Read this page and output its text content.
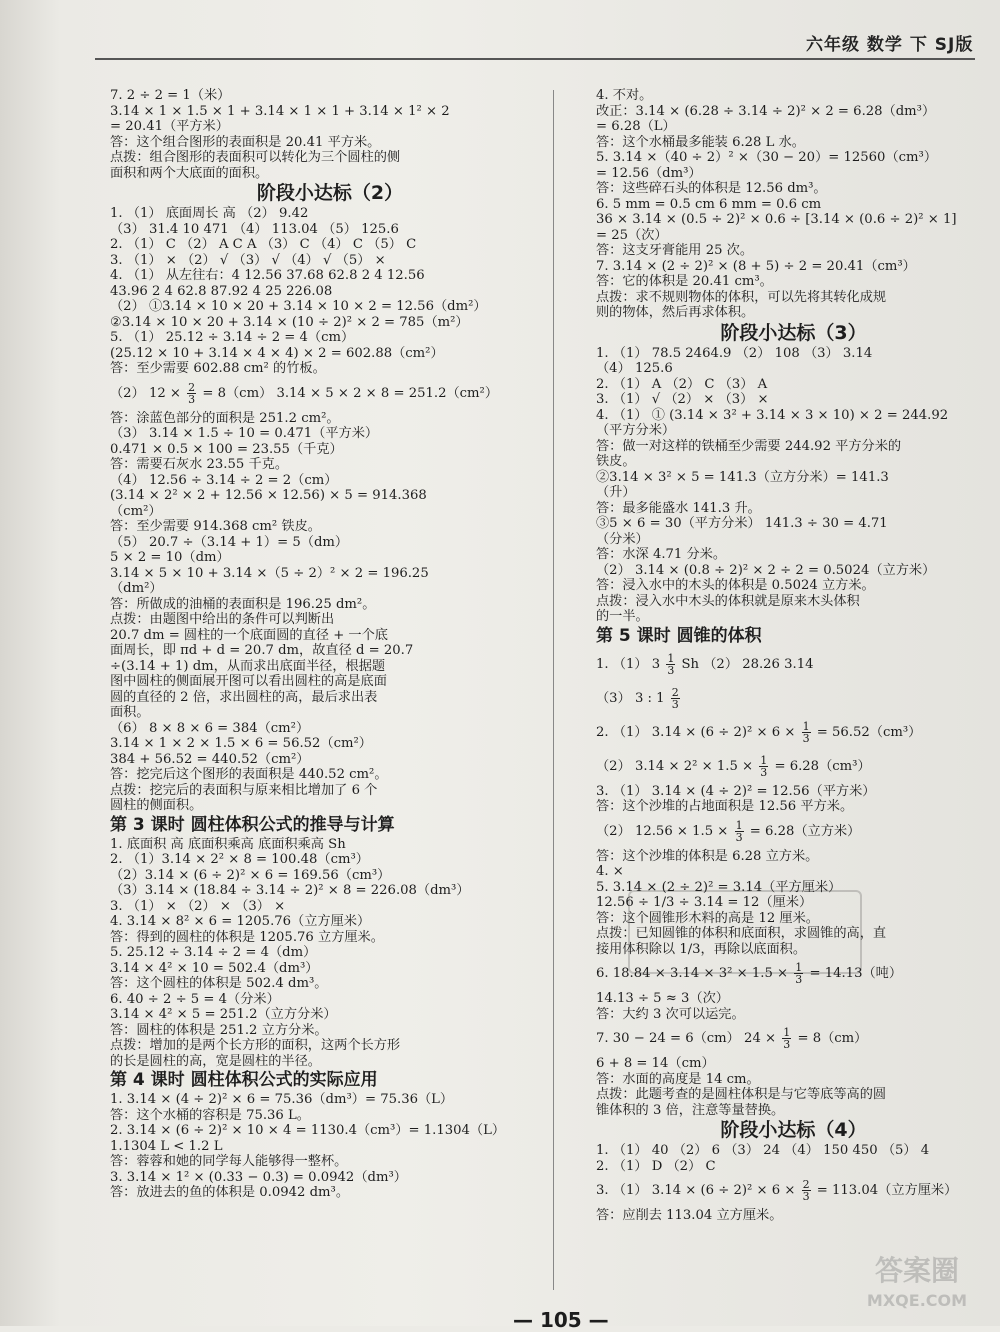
六年级 数学 下 SJ版
7. 2 ÷ 2 = 1（米）
3.14 × 1 × 1.5 × 1 + 3.14 × 1 × 1 + 3.14 × 1² × 2
= 20.41（平方米）
答：这个组合图形的表面积是 20.41 平方米。
点拨：组合图形的表面积可以转化为三个圆柱的侧
面积和两个大底面的面积。
阶段小达标（2）
1. （1） 底面周长 高 （2） 9.42
（3） 31.4 10 471 （4） 113.04 （5） 125.6
2. （1） C （2） A C A （3） C （4） C （5） C
3. （1） × （2） √ （3） √ （4） √ （5） ×
4. （1） 从左往右：4 12.56 37.68 62.8 2 4 12.56
43.96 2 4 62.8 87.92 4 25 226.08
（2） ①3.14 × 10 × 20 + 3.14 × 10 × 2 = 12.56（dm²）
②3.14 × 10 × 20 + 3.14 × (10 ÷ 2)² × 2 = 785（m²）
5. （1） 25.12 ÷ 3.14 ÷ 2 = 4（cm）
(25.12 × 10 + 3.14 × 4 × 4) × 2 = 602.88（cm²）
答：至少需要 602.88 cm² 的竹板。
（2） $12 \times \frac{2}{3} = 8(cm) 3.14 \times 5 \times 2 \times 8 = 251.2(cm^2)$
答：涂蓝色部分的面积是 251.2 cm²。
（3） 3.14 × 1.5 ÷ 10 = 0.471（平方米）
0.471 × 0.5 × 100 = 23.55（千克）
答：需要石灰水 23.55 千克。
（4） 12.56 ÷ 3.14 ÷ 2 = 2（cm）
(3.14 × 2² × 2 + 12.56 × 12.56) × 5 = 914.368
（cm²）
答：至少需要 914.368 cm² 铁皮。
（5） 20.7 ÷（3.14 + 1）= 5（dm）
5 × 2 = 10（dm）
3.14 × 5 × 10 + 3.14 ×（5 ÷ 2）² × 2 = 196.25
（dm²）
答：所做成的油桶的表面积是 196.25 dm²。
点拨：由题图中给出的条件可以判断出
20.7 dm = 圆柱的一个底面圆的直径 + 一个底
面周长，即 πd + d = 20.7 dm，故直径 d = 20.7
÷(3.14 + 1) dm，从而求出底面半径，根据题
图中圆柱的侧面展开图可以看出圆柱的高是底面
圆的直径的 2 倍，求出圆柱的高，最后求出表
面积。
（6） 8 × 8 × 6 = 384（cm²）
3.14 × 1 × 2 × 1.5 × 6 = 56.52（cm²）
384 + 56.52 = 440.52（cm²）
答：挖完后这个图形的表面积是 440.52 cm²。
点拨：挖完后的表面积与原来相比增加了 6 个
圆柱的侧面积。
第 3 课时 圆柱体积公式的推导与计算
1. 底面积 高 底面积乘高 底面积乘高 Sh
2. （1）3.14 × 2² × 8 = 100.48（cm³）
（2）3.14 × (6 ÷ 2)² × 6 = 169.56（cm³）
（3）3.14 × (18.84 ÷ 3.14 ÷ 2)² × 8 = 226.08（dm³）
3. （1） × （2） × （3） ×
4. 3.14 × 8² × 6 = 1205.76（立方厘米）
答：得到的圆柱的体积是 1205.76 立方厘米。
5. 25.12 ÷ 3.14 ÷ 2 = 4（dm）
3.14 × 4² × 10 = 502.4（dm³）
答：这个圆柱的体积是 502.4 dm³。
6. 40 ÷ 2 ÷ 5 = 4（分米）
3.14 × 4² × 5 = 251.2（立方分米）
答：圆柱的体积是 251.2 立方分米。
点拨：增加的是两个长方形的面积，这两个长方形
的长是圆柱的高，宽是圆柱的半径。
第 4 课时 圆柱体积公式的实际应用
1. 3.14 × (4 ÷ 2)² × 6 = 75.36（dm³）= 75.36（L）
答：这个水桶的容积是 75.36 L。
2. 3.14 × (6 ÷ 2)² × 10 × 4 = 1130.4（cm³）= 1.1304（L）
1.1304 L < 1.2 L
答：蓉蓉和她的同学每人能够得一整杯。
3. 3.14 × 1² × (0.33 − 0.3) = 0.0942（dm³）
答：放进去的鱼的体积是 0.0942 dm³。
4. 不对。
改正：3.14 × (6.28 ÷ 3.14 ÷ 2)² × 2 = 6.28（dm³）
= 6.28（L）
答：这个水桶最多能装 6.28 L 水。
5. 3.14 ×（40 ÷ 2）² ×（30 − 20）= 12560（cm³）
= 12.56（dm³）
答：这些碎石头的体积是 12.56 dm³。
6. 5 mm = 0.5 cm 6 mm = 0.6 cm
36 × 3.14 × (0.5 ÷ 2)² × 0.6 ÷ [3.14 × (0.6 ÷ 2)² × 1]
= 25（次）
答：这支牙膏能用 25 次。
7. 3.14 × (2 ÷ 2)² × (8 + 5) ÷ 2 = 20.41（cm³）
答：它的体积是 20.41 cm³。
点拨：求不规则物体的体积，可以先将其转化成规
则的物体，然后再求体积。
阶段小达标（3）
1. （1） 78.5 2464.9 （2） 108 （3） 3.14
（4） 125.6
2. （1） A （2） C （3） A
3. （1） √ （2） × （3） ×
4. （1） ① (3.14 × 3² + 3.14 × 3 × 10) × 2 = 244.92
（平方分米）
答：做一对这样的铁桶至少需要 244.92 平方分米的
铁皮。
②3.14 × 3² × 5 = 141.3（立方分米）= 141.3
（升）
答：最多能盛水 141.3 升。
③5 × 6 = 30（平方分米） 141.3 ÷ 30 = 4.71
（分米）
答：水深 4.71 分米。
（2） 3.14 × (0.8 ÷ 2)² × 2 ÷ 2 = 0.5024（立方米）
答：浸入水中的木头的体积是 0.5024 立方米。
点拨：浸入水中木头的体积就是原来木头体积
的一半。
第 5 课时 圆锥的体积
1. （1） $3 \frac{1}{3}$ Sh （2） 28.26 3.14
（3） 3 : $1 \frac{2}{3}$
2. （1） $3.14 \times (6 \div 2)^2 \times 6 \times \frac{1}{3} = 56.52(cm^3)$
（2） $3.14 \times 2^2 \times 1.5 \times \frac{1}{3} = 6.28(cm^3)$
3. （1） 3.14 × (4 ÷ 2)² = 12.56（平方米）
答：这个沙堆的占地面积是 12.56 平方米。
（2） $12.56 \times 1.5 \times \frac{1}{3} = 6.28$（立方米）
答：这个沙堆的体积是 6.28 立方米。
4. ×
5. 3.14 × (2 ÷ 2)² = 3.14（平方厘米）
12.56 ÷ 1/3 ÷ 3.14 = 12（厘米）
答：这个圆锥形木料的高是 12 厘米。
点拨：已知圆锥的体积和底面积，求圆锥的高，直
接用体积除以 1/3，再除以底面积。
6. $18.84 \times 3.14 \times 3^2 \times 1.5 \times \frac{1}{3} = 14.13$（吨）
14.13 ÷ 5 ≈ 3（次）
答：大约 3 次可以运完。
7. 30 − 24 = 6（cm） $24 \times \frac{1}{3} = 8(cm)$
6 + 8 = 14（cm）
答：水面的高度是 14 cm。
点拨：此题考查的是圆柱体积是与它等底等高的圆
锥体积的 3 倍，注意等量替换。
阶段小达标（4）
1. （1） 40 （2） 6 （3） 24 （4） 150 450 （5） 4
2. （1） D （2） C
3. （1） $3.14 \times (6 \div 2)^2 \times 6 \times \frac{2}{3} = 113.04$（立方厘米）
答：应削去 113.04 立方厘米。
— 105 —
答案圈
MXQE.COM
